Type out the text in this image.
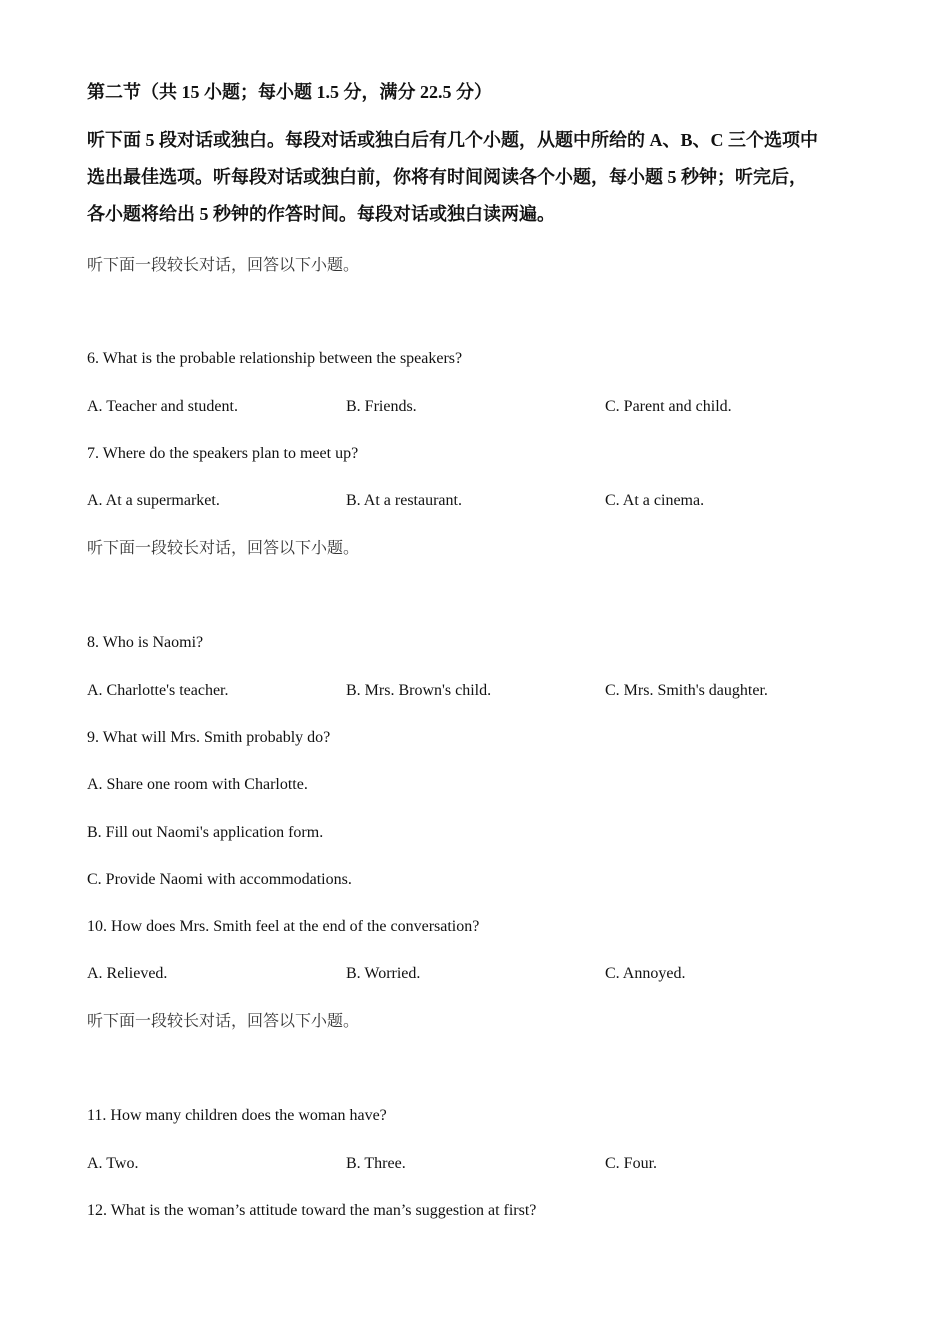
第二节（共 15 小题；每小题 1.5 分，满分 22.5 分）
听下面 5 段对话或独白。每段对话或独白后有几个小题，从题中所给的 A、B、C 三个选项中
选出最佳选项。听每段对话或独白前，你将有时间阅读各个小题，每小题 5 秒钟；听完后，
各小题将给出 5 秒钟的作答时间。每段对话或独白读两遍。
听下面一段较长对话，回答以下小题。
6. What is the probable relationship between the speakers?
A. Teacher and student.	B. Friends.	C. Parent and child.
7. Where do the speakers plan to meet up?
A. At a supermarket.	B. At a restaurant.	C. At a cinema.
听下面一段较长对话，回答以下小题。
8. Who is Naomi?
A. Charlotte's teacher.	B. Mrs. Brown's child.	C. Mrs. Smith's daughter.
9. What will Mrs. Smith probably do?
A. Share one room with Charlotte.
B. Fill out Naomi's application form.
C. Provide Naomi with accommodations.
10. How does Mrs. Smith feel at the end of the conversation?
A. Relieved.	B. Worried.	C. Annoyed.
听下面一段较长对话，回答以下小题。
11. How many children does the woman have?
A. Two.	B. Three.	C. Four.
12. What is the woman’s attitude toward the man’s suggestion at first?
